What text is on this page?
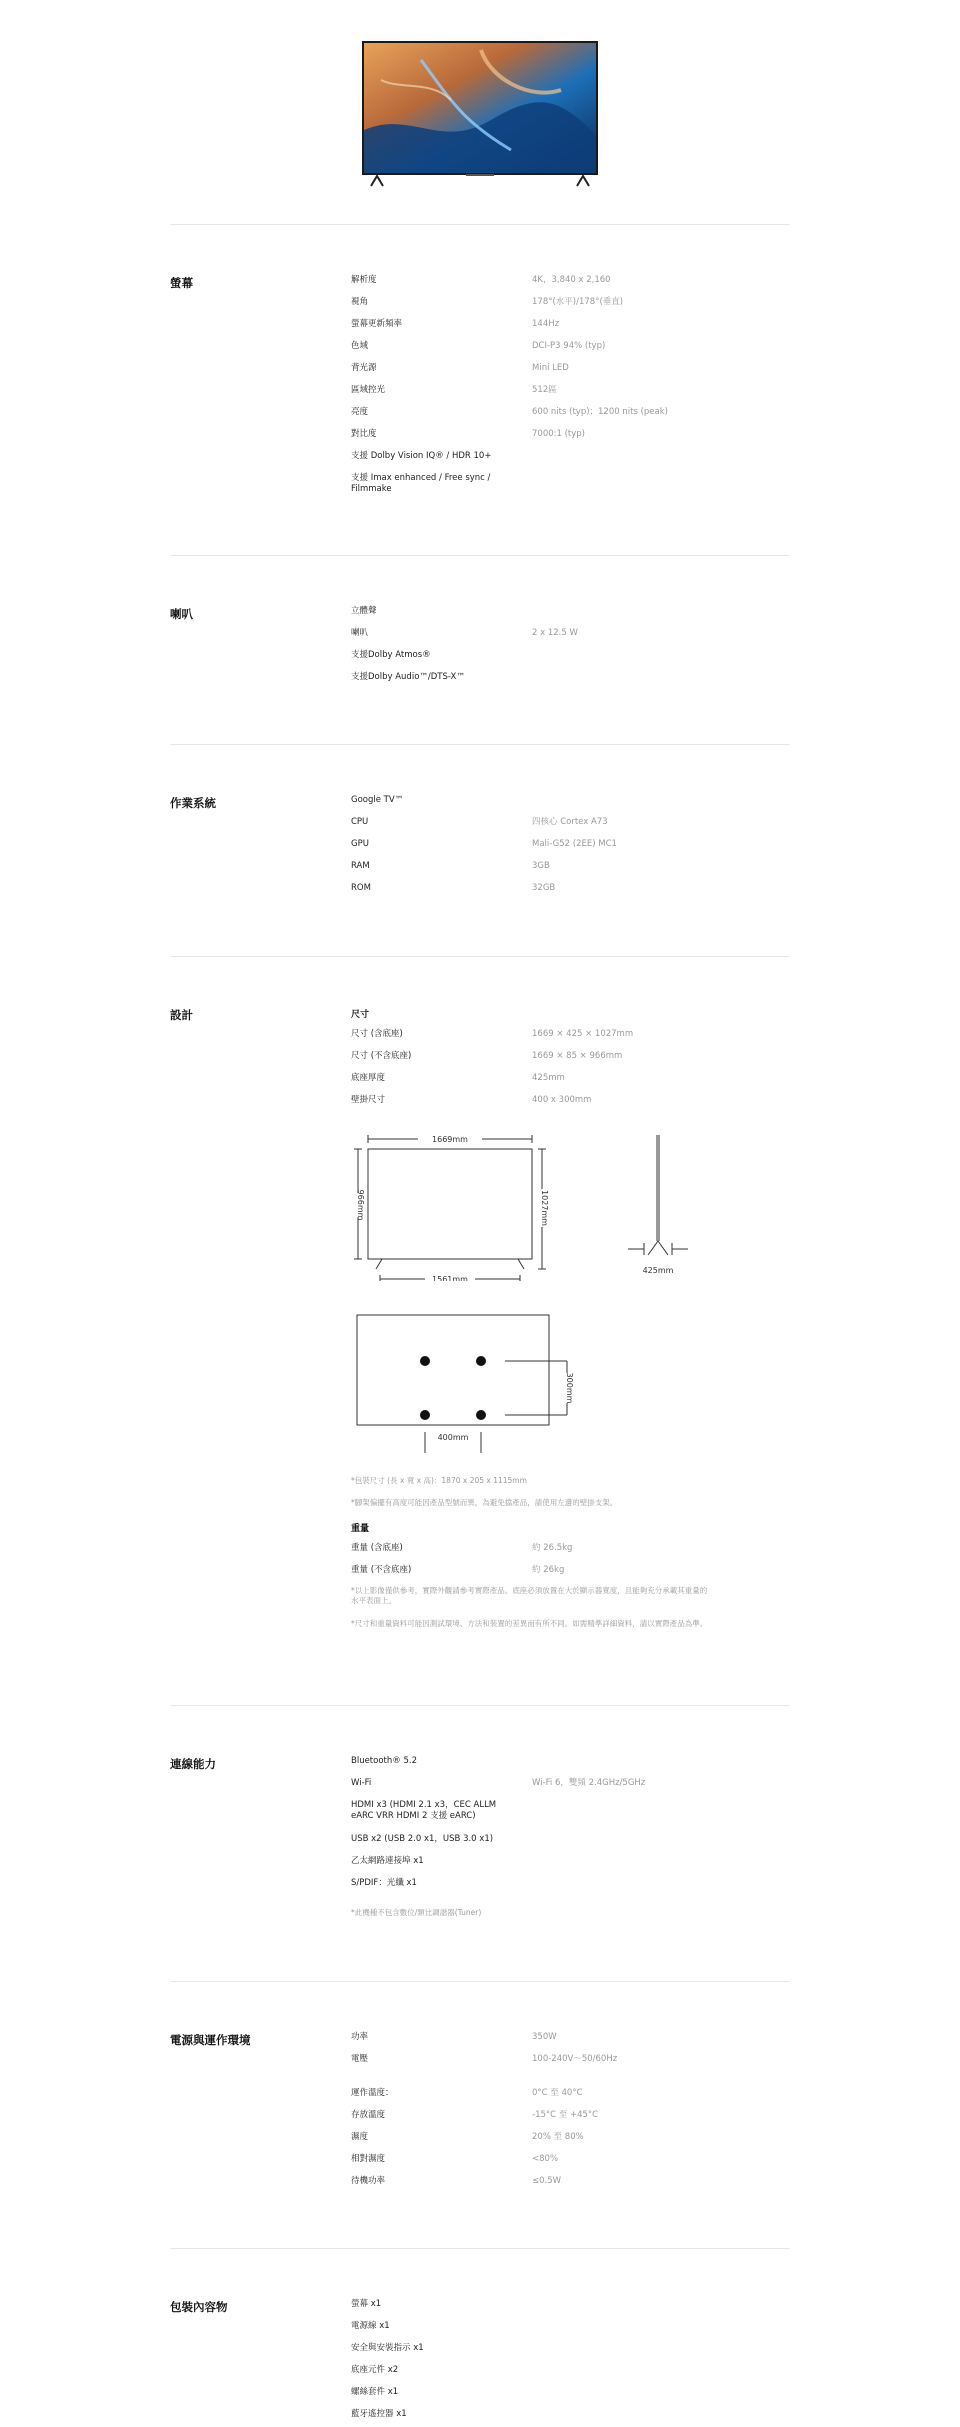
螢幕	解析度	4K，3,840 x 2,160
視角	178°(水平)/178°(垂直)
螢幕更新頻率	144Hz
色域	DCI-P3 94% (typ)
背光源	Mini LED
區域控光	512區
亮度	600 nits (typ)；1200 nits (peak)
對比度	7000:1 (typ)
支援 Dolby Vision IQ® / HDR 10+
支援 Imax enhanced / Free sync / Filmmake
喇叭	立體聲
喇叭	2 x 12.5 W
支援Dolby Atmos®
支援Dolby Audio™/DTS-X™
作業系統	Google TV™
CPU	四核心 Cortex A73
GPU	Mali-G52 (2EE) MC1
RAM	3GB
ROM	32GB
設計	尺寸
尺寸 (含底座)	1669 × 425 × 1027mm
尺寸 (不含底座)	1669 × 85 × 966mm
底座厚度	425mm
壁掛尺寸	400 x 300mm
1669mm
966mm	1027mm
1561mm
425mm
400mm
300mm
*包裝尺寸 (長 x 寬 x 高)：1870 x 205 x 1115mm
*腳架偏擺有高度可能因產品型號而異，為避免擋產品，請使用左邊的壁掛支架。
重量
重量 (含底座)	約 26.5kg
重量 (不含底座)	約 26kg
*以上影像僅供參考，實際外觀請參考實際產品。底座必須放置在大於顯示器寬度，且能夠充分承載其重量的水平表面上。
*尺寸和重量資料可能因測試環境、方法和裝置的差異而有所不同。如需精準詳細資料，請以實際產品為準。
連線能力	Bluetooth® 5.2
Wi-Fi	Wi-Fi 6，雙頻 2.4GHz/5GHz
HDMI x3 (HDMI 2.1 x3，CEC ALLM eARC VRR HDMI 2 支援 eARC)
USB x2 (USB 2.0 x1，USB 3.0 x1)
乙太網路連接埠 x1
S/PDIF：光纖 x1
*此機種不包含數位/類比調諧器(Tuner)
電源與運作環境	功率	350W
電壓	100-240V～50/60Hz
運作溫度：	0°C 至 40°C
存放溫度	-15°C 至 +45°C
濕度	20% 至 80%
相對濕度	<80%
待機功率	≤0.5W
包裝內容物	螢幕 x1
電源線 x1
安全與安裝指示 x1
底座元件 x2
螺絲套件 x1
藍牙遙控器 x1
